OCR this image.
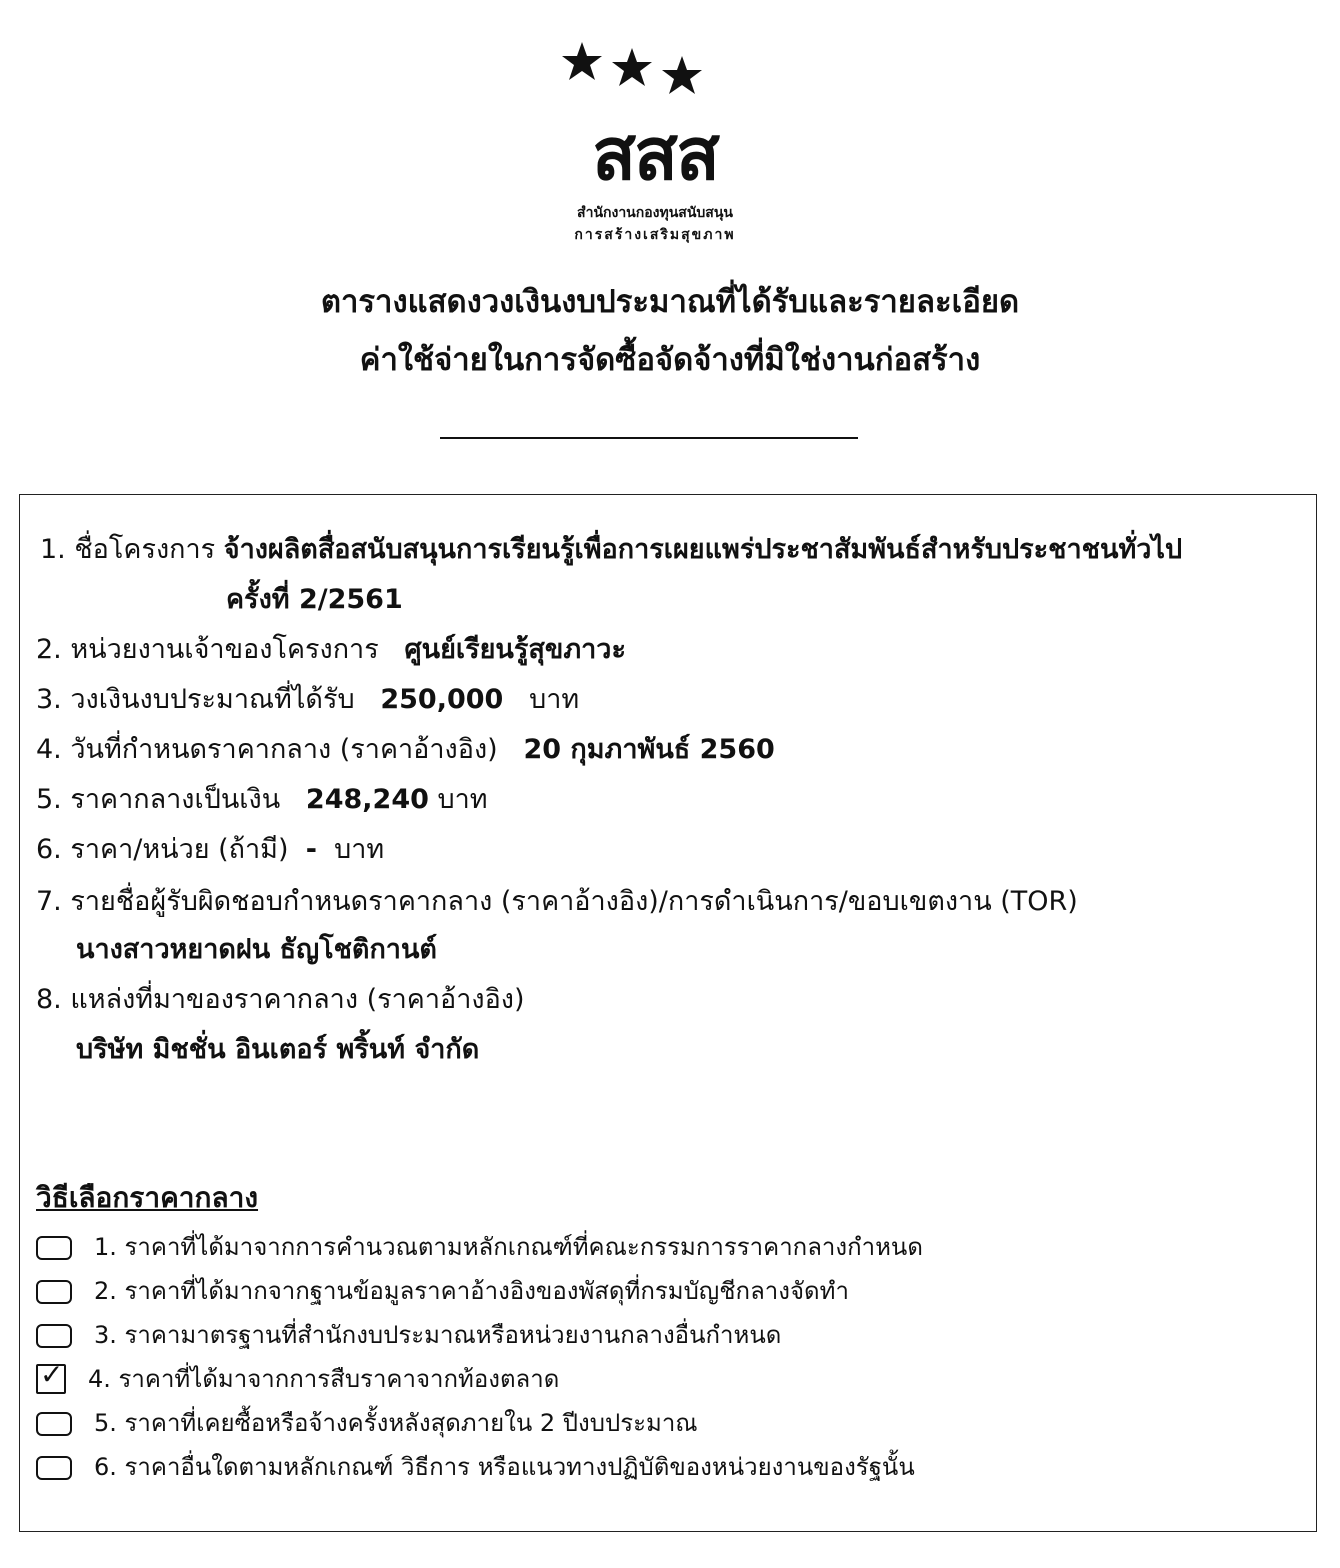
สสส
สำนักงานกองทุนสนับสนุน
การสร้างเสริมสุขภาพ
ตารางแสดงวงเงินงบประมาณที่ได้รับและรายละเอียด
ค่าใช้จ่ายในการจัดซื้อจัดจ้างที่มิใช่งานก่อสร้าง
1. ชื่อโครงการ จ้างผลิตสื่อสนับสนุนการเรียนรู้เพื่อการเผยแพร่ประชาสัมพันธ์สำหรับประชาชนทั่วไป
ครั้งที่ 2/2561
2. หน่วยงานเจ้าของโครงการ ศูนย์เรียนรู้สุขภาวะ
3. วงเงินงบประมาณที่ได้รับ 250,000 บาท
4. วันที่กำหนดราคากลาง (ราคาอ้างอิง) 20 กุมภาพันธ์ 2560
5. ราคากลางเป็นเงิน 248,240 บาท
6. ราคา/หน่วย (ถ้ามี) - บาท
7. รายชื่อผู้รับผิดชอบกำหนดราคากลาง (ราคาอ้างอิง)/การดำเนินการ/ขอบเขตงาน (TOR)
นางสาวหยาดฝน ธัญโชติกานต์
8. แหล่งที่มาของราคากลาง (ราคาอ้างอิง)
บริษัท มิชชั่น อินเตอร์ พริ้นท์ จำกัด
วิธีเลือกราคากลาง
1. ราคาที่ได้มาจากการคำนวณตามหลักเกณฑ์ที่คณะกรรมการราคากลางกำหนด
2. ราคาที่ได้มากจากฐานข้อมูลราคาอ้างอิงของพัสดุที่กรมบัญชีกลางจัดทำ
3. ราคามาตรฐานที่สำนักงบประมาณหรือหน่วยงานกลางอื่นกำหนด
✓ 4. ราคาที่ได้มาจากการสืบราคาจากท้องตลาด
5. ราคาที่เคยซื้อหรือจ้างครั้งหลังสุดภายใน 2 ปีงบประมาณ
6. ราคาอื่นใดตามหลักเกณฑ์ วิธีการ หรือแนวทางปฏิบัติของหน่วยงานของรัฐนั้น
